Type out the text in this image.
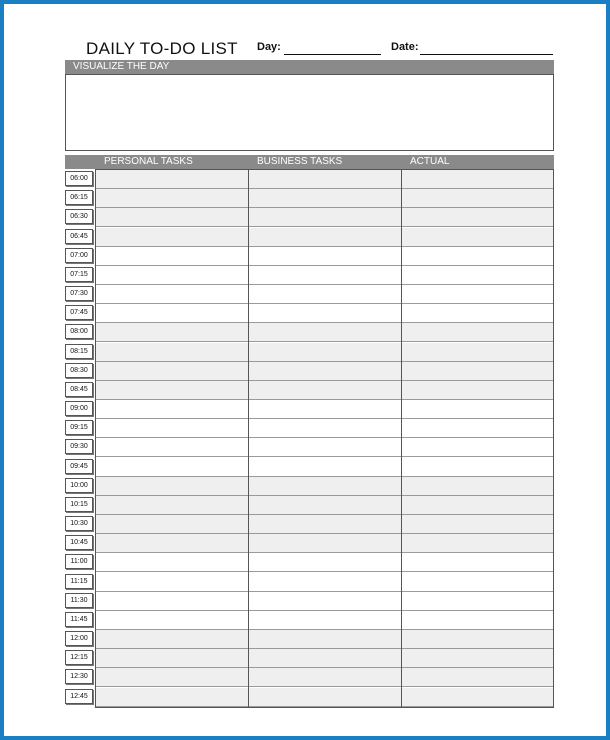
DAILY TO-DO LIST Day:	Date:
VISUALIZE THE DAY
PERSONAL TASKS	BUSINESS TASKS	ACTUAL
06:00
06:15
06:30
06:45
07:00
07:15
07:30
07:45
08:00
08:15
08:30
08:45
09:00
09:15
09:30
09:45
10:00
10:15
10:30
10:45
11:00
11:15
11:30
11:45
12:00
12:15
12:30
12:45
